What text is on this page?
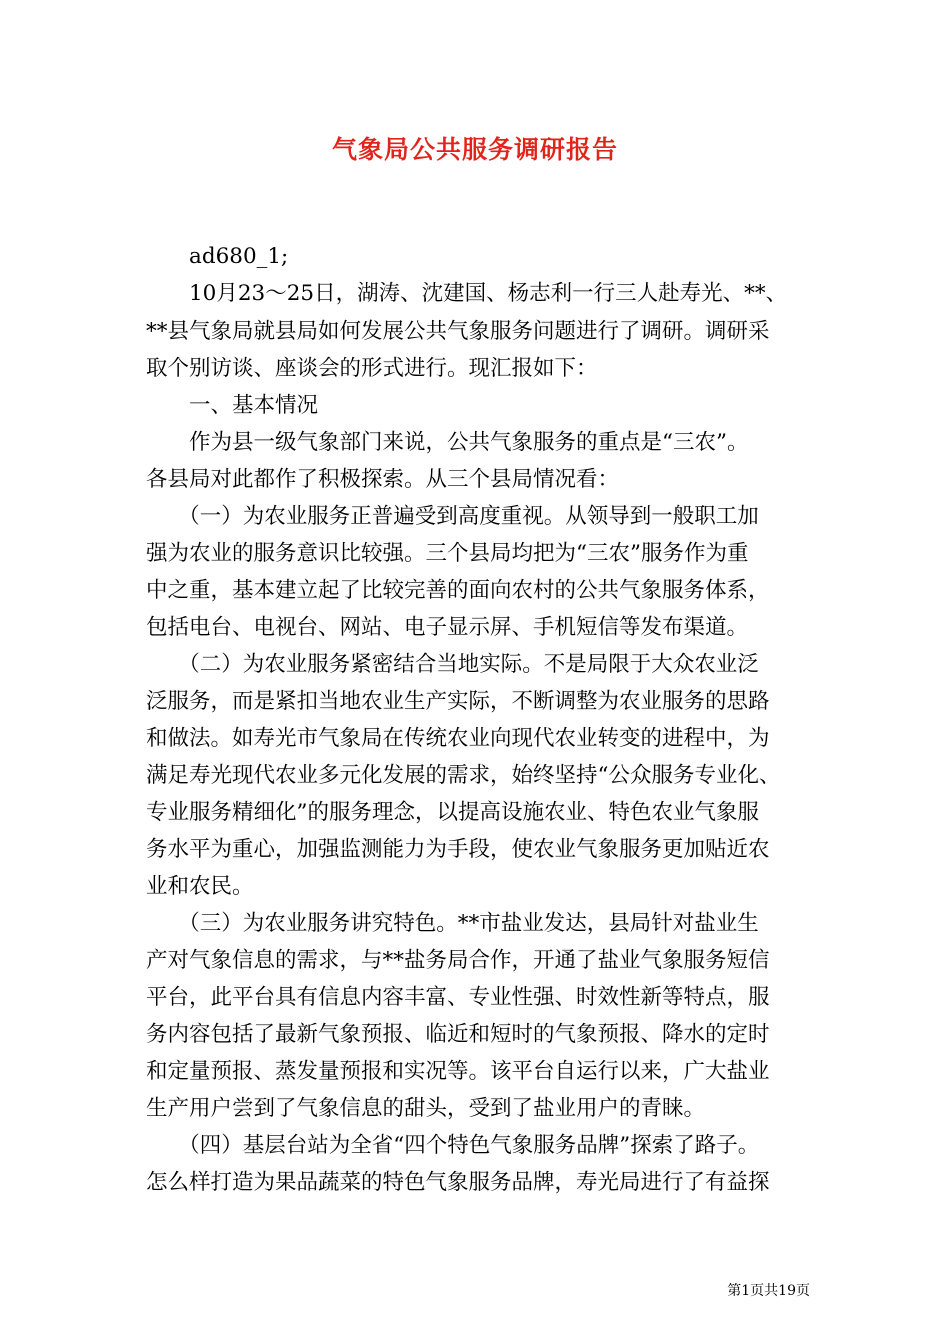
气象局公共服务调研报告
　　ad680_1;
　　10月23～25日，湖涛、沈建国、杨志利一行三人赴寿光、**、
**县气象局就县局如何发展公共气象服务问题进行了调研。调研采
取个别访谈、座谈会的形式进行。现汇报如下：
　　一、基本情况
　　作为县一级气象部门来说，公共气象服务的重点是“三农”。
各县局对此都作了积极探索。从三个县局情况看：
　　（一）为农业服务正普遍受到高度重视。从领导到一般职工加
强为农业的服务意识比较强。三个县局均把为“三农”服务作为重
中之重，基本建立起了比较完善的面向农村的公共气象服务体系，
包括电台、电视台、网站、电子显示屏、手机短信等发布渠道。
　　（二）为农业服务紧密结合当地实际。不是局限于大众农业泛
泛服务，而是紧扣当地农业生产实际，不断调整为农业服务的思路
和做法。如寿光市气象局在传统农业向现代农业转变的进程中，为
满足寿光现代农业多元化发展的需求，始终坚持“公众服务专业化、
专业服务精细化”的服务理念，以提高设施农业、特色农业气象服
务水平为重心，加强监测能力为手段，使农业气象服务更加贴近农
业和农民。
　　（三）为农业服务讲究特色。**市盐业发达，县局针对盐业生
产对气象信息的需求，与**盐务局合作，开通了盐业气象服务短信
平台，此平台具有信息内容丰富、专业性强、时效性新等特点，服
务内容包括了最新气象预报、临近和短时的气象预报、降水的定时
和定量预报、蒸发量预报和实况等。该平台自运行以来，广大盐业
生产用户尝到了气象信息的甜头，受到了盐业用户的青睐。
　　（四）基层台站为全省“四个特色气象服务品牌”探索了路子。
怎么样打造为果品蔬菜的特色气象服务品牌，寿光局进行了有益探
第1页共19页
